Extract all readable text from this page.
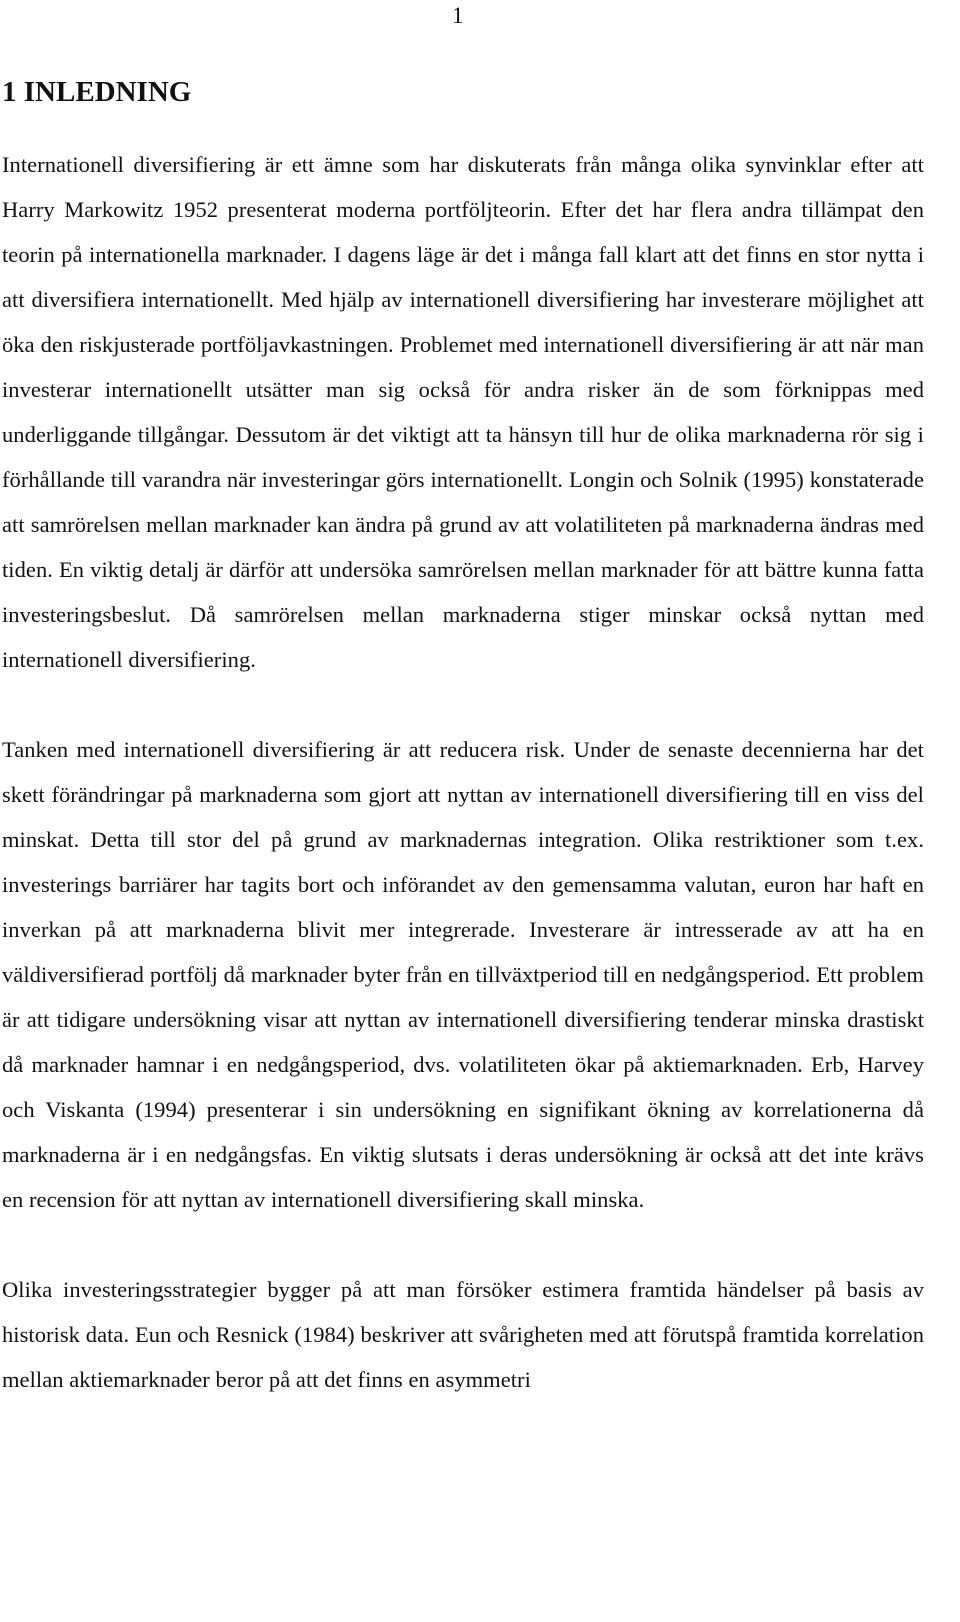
1
1 INLEDNING

Internationell diversifiering är ett ämne som har diskuterats från många olika synvinklar efter att Harry Markowitz 1952 presenterat moderna portföljteorin. Efter det har flera andra tillämpat den teorin på internationella marknader. I dagens läge är det i många fall klart att det finns en stor nytta i att diversifiera internationellt. Med hjälp av internationell diversifiering har investerare möjlighet att öka den riskjusterade portföljavkastningen. Problemet med internationell diversifiering är att när man investerar internationellt utsätter man sig också för andra risker än de som förknippas med underliggande tillgångar. Dessutom är det viktigt att ta hänsyn till hur de olika marknaderna rör sig i förhållande till varandra när investeringar görs internationellt. Longin och Solnik (1995) konstaterade att samrörelsen mellan marknader kan ändra på grund av att volatiliteten på marknaderna ändras med tiden. En viktig detalj är därför att undersöka samrörelsen mellan marknader för att bättre kunna fatta investeringsbeslut. Då samrörelsen mellan marknaderna stiger minskar också nyttan med internationell diversifiering.

Tanken med internationell diversifiering är att reducera risk. Under de senaste decennierna har det skett förändringar på marknaderna som gjort att nyttan av internationell diversifiering till en viss del minskat. Detta till stor del på grund av marknadernas integration. Olika restriktioner som t.ex. investerings barriärer har tagits bort och införandet av den gemensamma valutan, euron har haft en inverkan på att marknaderna blivit mer integrerade. Investerare är intresserade av att ha en väldiversifierad portfölj då marknader byter från en tillväxtperiod till en nedgångsperiod. Ett problem är att tidigare undersökning visar att nyttan av internationell diversifiering tenderar minska drastiskt då marknader hamnar i en nedgångsperiod, dvs. volatiliteten ökar på aktiemarknaden. Erb, Harvey och Viskanta (1994) presenterar i sin undersökning en signifikant ökning av korrelationerna då marknaderna är i en nedgångsfas. En viktig slutsats i deras undersökning är också att det inte krävs en recension för att nyttan av internationell diversifiering skall minska.

Olika investeringsstrategier bygger på att man försöker estimera framtida händelser på basis av historisk data. Eun och Resnick (1984) beskriver att svårigheten med att förutspå framtida korrelation mellan aktiemarknader beror på att det finns en asymmetri
